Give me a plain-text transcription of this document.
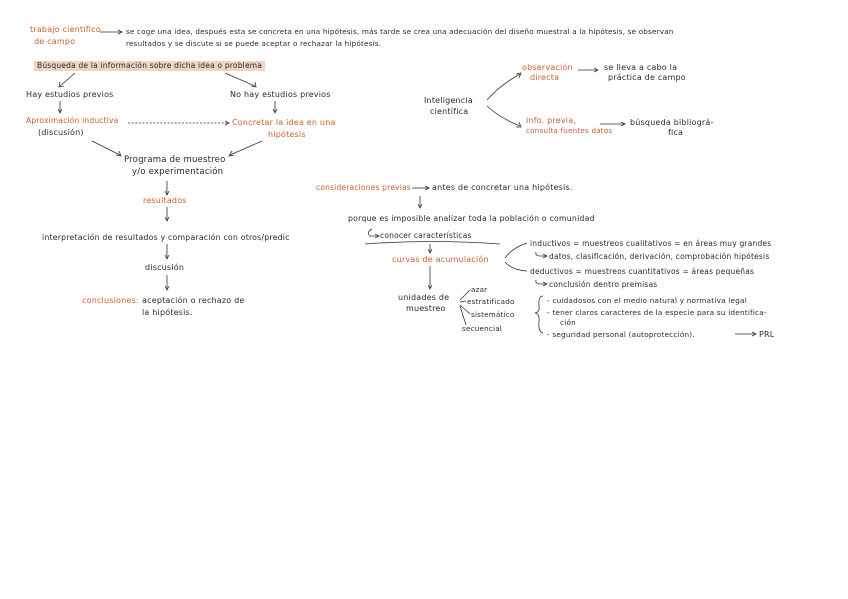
trabajo científico
de campo
se coge una idea, después esta se concreta en una hipótesis, más tarde se crea una adecuación del diseño muestral a la hipótesis, se observan
resultados y se discute si se puede aceptar o rechazar la hipótesis.
Búsqueda de la información sobre dicha idea o problema
Hay estudios previos	No hay estudios previos
Aproximación inductiva
(discusión)
Concretar la idea en una
hipótesis
Programa de muestreo
y/o experimentación
resultados
interpretación de resultados y comparación con otros/predic
discusión
conclusiones: aceptación o rechazo de
la hipótesis.
Inteligencia
científica
observación
directa
se lleva a cabo la
práctica de campo
info. previa,
consulta fuentes datos
búsqueda bibliográ-
fica
consideraciones previas	antes de concretar una hipótesis.
porque es imposible analizar toda la población o comunidad
conocer características
curvas de acumulación
inductivos = muestreos cualitativos = en áreas muy grandes
datos, clasificación, derivación, comprobación hipótesis
deductivos = muestreos cuantitativos = áreas pequeñas
conclusión dentro premisas
unidades de
muestreo
azar
estratificado
sistemático
secuencial
- cuidadosos con el medio natural y normativa legal
- tener claros caracteres de la especie para su identifica-
ción
- seguridad personal (autoprotección).	PRL
